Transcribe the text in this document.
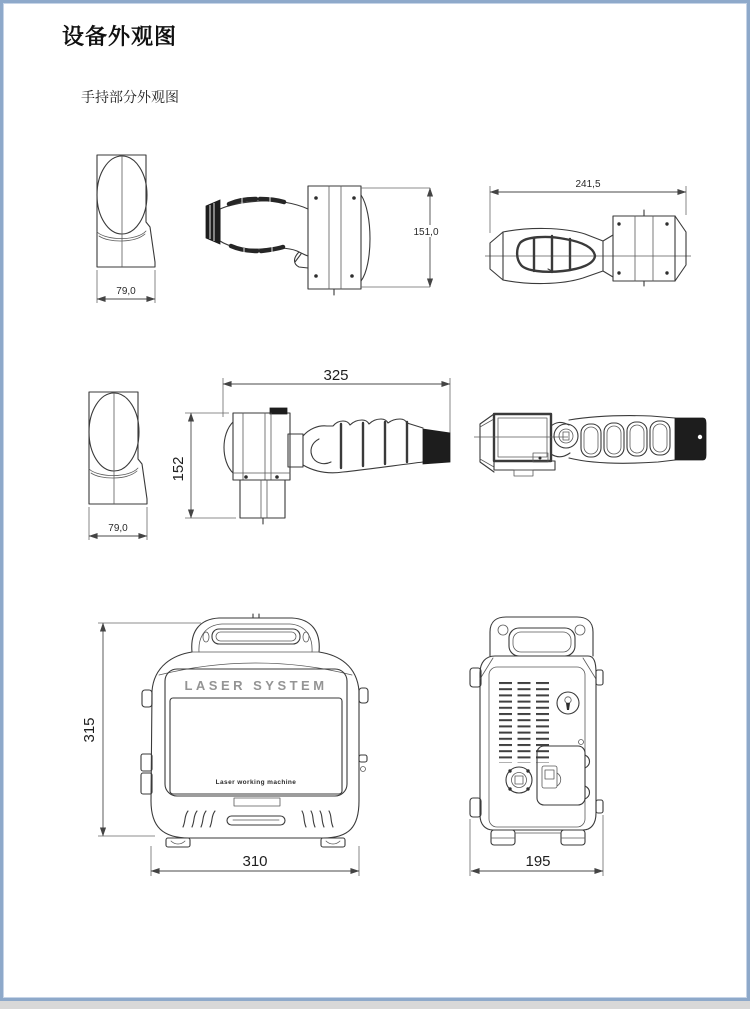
设备外观图
手持部分外观图
79,0
151,0
241,5
79,0
325
152
315
LASER SYSTEM
Laser working machine
310	195
